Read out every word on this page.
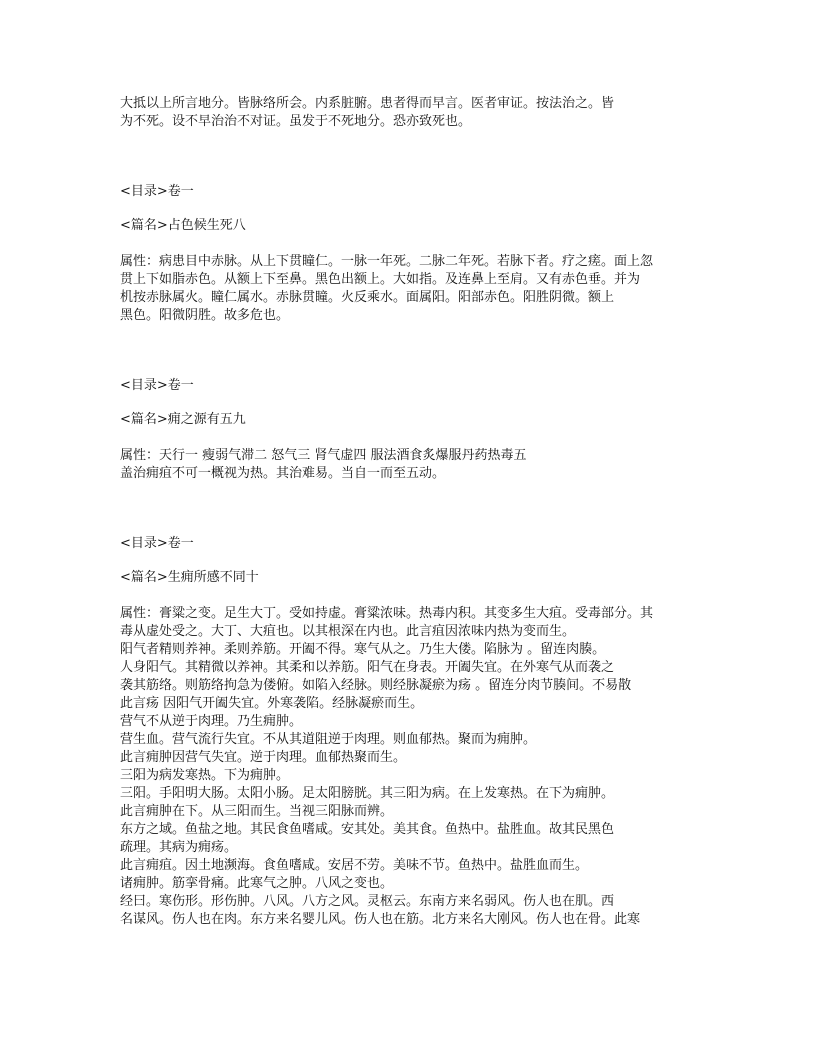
大抵以上所言地分。皆脉络所会。内系脏腑。患者得而早言。医者审证。按法治之。皆

为不死。设不早治治不对证。虽发于不死地分。恐亦致死也。

<目录>卷一

<篇名>占色候生死八

属性：病患目中赤脉。从上下贯瞳仁。一脉一年死。二脉二年死。若脉下者。疗之瘥。面上忽

贯上下如脂赤色。从额上下至鼻。黑色出额上。大如指。及连鼻上至肩。又有赤色垂。并为

机按赤脉属火。瞳仁属水。赤脉贯瞳。火反乘水。面属阳。阳部赤色。阳胜阴微。额上

黑色。阳微阴胜。故多危也。

<目录>卷一

<篇名>痈之源有五九

属性：天行一 瘦弱气滞二 怒气三 肾气虚四 服法酒食炙爆服丹药热毒五

盖治痈疽不可一概视为热。其治难易。当自一而至五动。

<目录>卷一

<篇名>生痈所感不同十

属性：膏粱之变。足生大丁。受如持虚。膏粱浓味。热毒内积。其变多生大疽。受毒部分。其

毒从虚处受之。大丁、大疽也。以其根深在内也。此言疽因浓味内热为变而生。

阳气者精则养神。柔则养筋。开阖不得。寒气从之。乃生大偻。陷脉为 。留连肉腠。

人身阳气。其精微以养神。其柔和以养筋。阳气在身表。开阖失宜。在外寒气从而袭之

袭其筋络。则筋络拘急为偻俯。如陷入经脉。则经脉凝瘀为疡 。留连分肉节腠间。不易散

此言疡 因阳气开阖失宜。外寒袭陷。经脉凝瘀而生。

营气不从逆于肉理。乃生痈肿。

营生血。营气流行失宜。不从其道阻逆于肉理。则血郁热。聚而为痈肿。

此言痈肿因营气失宜。逆于肉理。血郁热聚而生。

三阳为病发寒热。下为痈肿。

三阳。手阳明大肠。太阳小肠。足太阳膀胱。其三阳为病。在上发寒热。在下为痈肿。

此言痈肿在下。从三阳而生。当视三阳脉而辨。

东方之域。鱼盐之地。其民食鱼嗜咸。安其处。美其食。鱼热中。盐胜血。故其民黑色

疏理。其病为痈疡。

此言痈疽。因土地濒海。食鱼嗜咸。安居不劳。美味不节。鱼热中。盐胜血而生。

诸痈肿。筋挛骨痛。此寒气之肿。八风之变也。

经曰。寒伤形。形伤肿。八风。八方之风。灵枢云。东南方来名弱风。伤人也在肌。西

名谋风。伤人也在肉。东方来名婴儿风。伤人也在筋。北方来名大刚风。伤人也在骨。此寒
